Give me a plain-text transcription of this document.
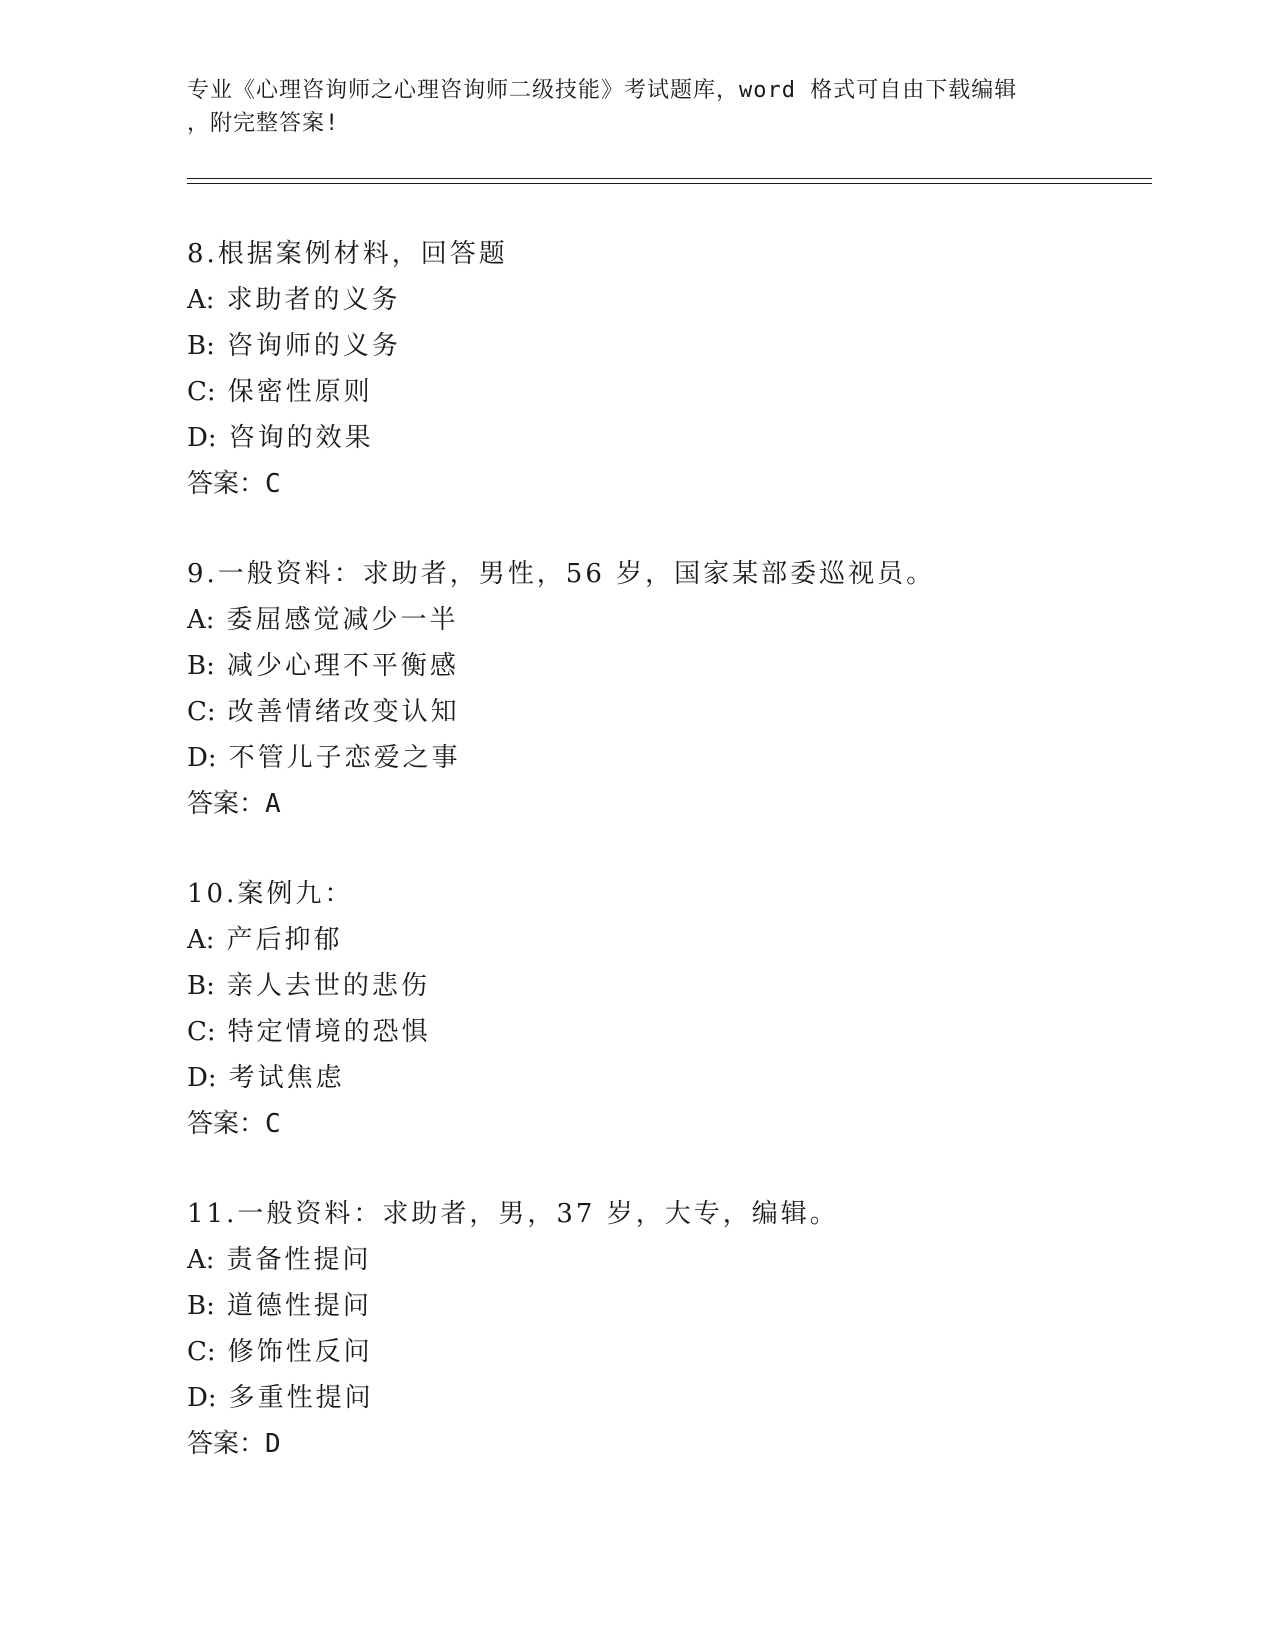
专业《心理咨询师之心理咨询师二级技能》考试题库，word 格式可自由下载编辑
，附完整答案!
8.根据案例材料，回答题
A: 求助者的义务
B: 咨询师的义务
C: 保密性原则
D: 咨询的效果
答案：C
9.一般资料：求助者，男性，56 岁，国家某部委巡视员。
A: 委屈感觉减少一半
B: 减少心理不平衡感
C: 改善情绪改变认知
D: 不管儿子恋爱之事
答案：A
10.案例九：
A: 产后抑郁
B: 亲人去世的悲伤
C: 特定情境的恐惧
D: 考试焦虑
答案：C
11.一般资料：求助者，男，37 岁，大专，编辑。
A: 责备性提问
B: 道德性提问
C: 修饰性反问
D: 多重性提问
答案：D
